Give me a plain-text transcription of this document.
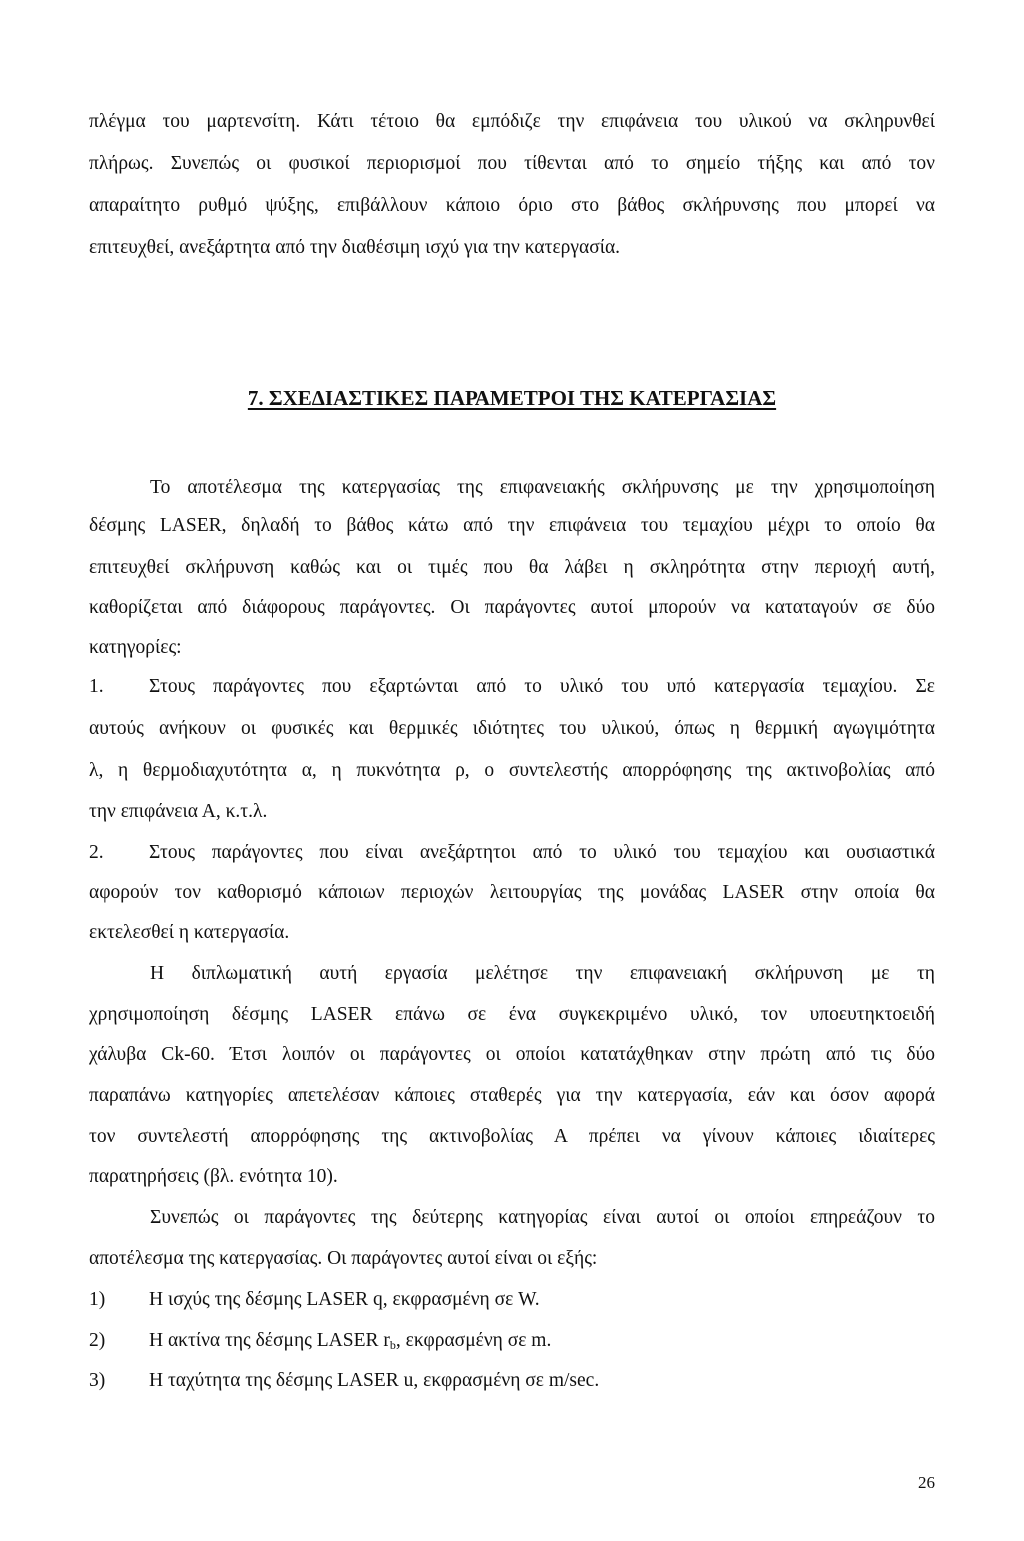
πλέγμα του μαρτενσίτη. Κάτι τέτοιο θα εμπόδιζε την επιφάνεια του υλικού να σκληρυνθεί
πλήρως. Συνεπώς οι φυσικοί περιορισμοί που τίθενται από το σημείο τήξης και από τον
απαραίτητο ρυθμό ψύξης, επιβάλλουν κάποιο όριο στο βάθος σκλήρυνσης που μπορεί να
επιτευχθεί, ανεξάρτητα από την διαθέσιμη ισχύ για την κατεργασία.
7. ΣΧΕΔΙΑΣΤΙΚΕΣ ΠΑΡΑΜΕΤΡΟΙ ΤΗΣ ΚΑΤΕΡΓΑΣΙΑΣ
Το αποτέλεσμα της κατεργασίας της επιφανειακής σκλήρυνσης με την χρησιμοποίηση
δέσμης LASER, δηλαδή το βάθος κάτω από την επιφάνεια του τεμαχίου μέχρι το οποίο θα
επιτευχθεί σκλήρυνση καθώς και οι τιμές που θα λάβει η σκληρότητα στην περιοχή αυτή,
καθορίζεται από διάφορους παράγοντες. Οι παράγοντες αυτοί μπορούν να καταταγούν σε δύο
κατηγορίες:
1. Στους παράγοντες που εξαρτώνται από το υλικό του υπό κατεργασία τεμαχίου. Σε
αυτούς ανήκουν οι φυσικές και θερμικές ιδιότητες του υλικού, όπως η θερμική αγωγιμότητα
λ, η θερμοδιαχυτότητα α, η πυκνότητα ρ, ο συντελεστής απορρόφησης της ακτινοβολίας από
την επιφάνεια Α, κ.τ.λ.
2. Στους παράγοντες που είναι ανεξάρτητοι από το υλικό του τεμαχίου και ουσιαστικά
αφορούν τον καθορισμό κάποιων περιοχών λειτουργίας της μονάδας LASER στην οποία θα
εκτελεσθεί η κατεργασία.
Η διπλωματική αυτή εργασία μελέτησε την επιφανειακή σκλήρυνση με τη
χρησιμοποίηση δέσμης LASER επάνω σε ένα συγκεκριμένο υλικό, τον υποευτηκτοειδή
χάλυβα Ck-60. Έτσι λοιπόν οι παράγοντες οι οποίοι κατατάχθηκαν στην πρώτη από τις δύο
παραπάνω κατηγορίες απετελέσαν κάποιες σταθερές για την κατεργασία, εάν και όσον αφορά
τον συντελεστή απορρόφησης της ακτινοβολίας Α πρέπει να γίνουν κάποιες ιδιαίτερες
παρατηρήσεις (βλ. ενότητα 10).
Συνεπώς οι παράγοντες της δεύτερης κατηγορίας είναι αυτοί οι οποίοι επηρεάζουν το
αποτέλεσμα της κατεργασίας. Οι παράγοντες αυτοί είναι οι εξής:
1) Η ισχύς της δέσμης LASER q, εκφρασμένη σε W.
2) Η ακτίνα της δέσμης LASER $r_b$, εκφρασμένη σε m.
3) Η ταχύτητα της δέσμης LASER u, εκφρασμένη σε m/sec.
26
